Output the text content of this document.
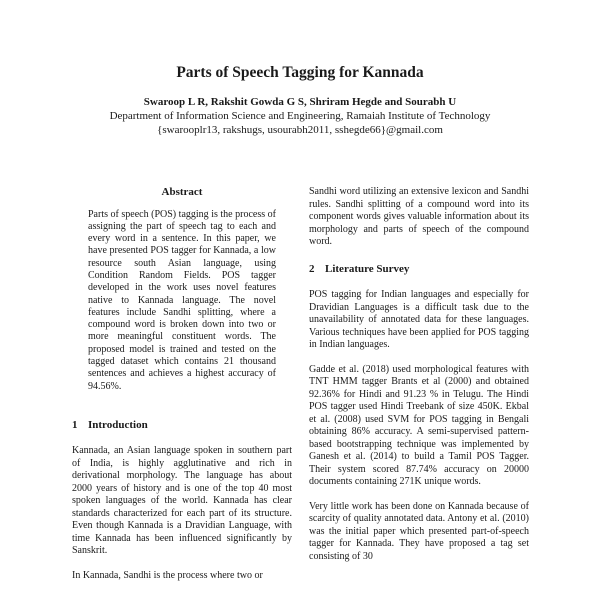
Parts of Speech Tagging for Kannada
Swaroop L R, Rakshit Gowda G S, Shriram Hegde and Sourabh U
Department of Information Science and Engineering, Ramaiah Institute of Technology
{swarooplr13, rakshugs, usourabh2011, sshegde66}@gmail.com
Abstract

Parts of speech (POS) tagging is the process of assigning the part of speech tag to each and every word in a sentence. In this paper, we have presented POS tagger for Kannada, a low resource south Asian language, using Condition Random Fields. POS tagger developed in the work uses novel features native to Kannada language. The novel features include Sandhi splitting, where a compound word is broken down into two or more meaningful constituent words. The proposed model is trained and tested on the tagged dataset which contains 21 thousand sentences and achieves a highest accuracy of 94.56%.

1 Introduction

Kannada, an Asian language spoken in southern part of India, is highly agglutinative and rich in derivational morphology. The language has about 2000 years of history and is one of the top 40 most spoken languages of the world. Kannada has clear standards characterized for each part of its structure. Even though Kannada is a Dravidian Language, with time Kannada has been influenced significantly by Sanskrit.

In Kannada, Sandhi is the process where two or

Sandhi word utilizing an extensive lexicon and Sandhi rules. Sandhi splitting of a compound word into its component words gives valuable information about its morphology and parts of speech of the compound word.

2 Literature Survey

POS tagging for Indian languages and especially for Dravidian Languages is a difficult task due to the unavailability of annotated data for these languages. Various techniques have been applied for POS tagging in Indian languages.

Gadde et al. (2018) used morphological features with TNT HMM tagger Brants et al (2000) and obtained 92.36% for Hindi and 91.23 % in Telugu. The Hindi POS tagger used Hindi Treebank of size 450K. Ekbal et al. (2008) used SVM for POS tagging in Bengali obtaining 86% accuracy. A semi-supervised pattern-based bootstrapping technique was implemented by Ganesh et al. (2014) to build a Tamil POS Tagger. Their system scored 87.74% accuracy on 20000 documents containing 271K unique words.

Very little work has been done on Kannada because of scarcity of quality annotated data. Antony et al. (2010) was the initial paper which presented part-of-speech tagger for Kannada. They have proposed a tag set consisting of 30
